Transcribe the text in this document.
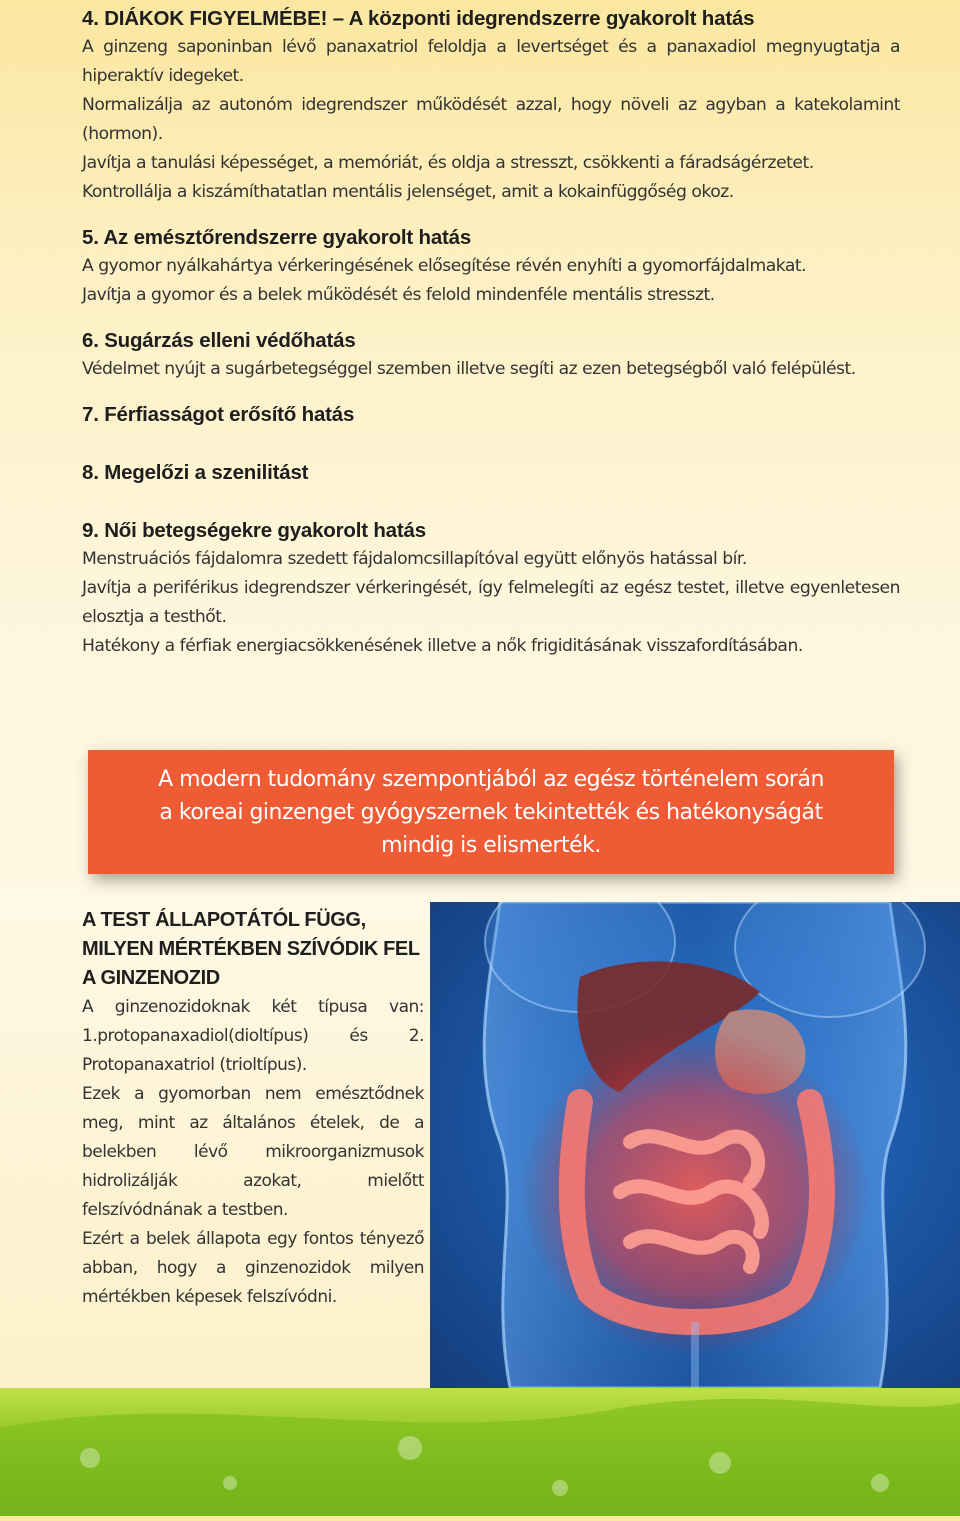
4. DIÁKOK FIGYELMÉBE! – A központi idegrendszerre gyakorolt hatás

A ginzeng saponinban lévő panaxatriol feloldja a levertséget és a panaxadiol megnyugtatja a hiperaktív idegeket.

Normalizálja az autonóm idegrendszer működését azzal, hogy növeli az agyban a katekolamint (hormon).

Javítja a tanulási képességet, a memóriát, és oldja a stresszt, csökkenti a fáradságérzetet.

Kontrollálja a kiszámíthatatlan mentális jelenséget, amit a kokainfüggőség okoz.

5. Az emésztőrendszerre gyakorolt hatás

A gyomor nyálkahártya vérkeringésének elősegítése révén enyhíti a gyomorfájdalmakat.

Javítja a gyomor és a belek működését és felold mindenféle mentális stresszt.

6. Sugárzás elleni védőhatás

Védelmet nyújt a sugárbetegséggel szemben illetve segíti az ezen betegségből való felépülést.

7. Férfiasságot erősítő hatás
8. Megelőzi a szenilitást
9. Női betegségekre gyakorolt hatás

Menstruációs fájdalomra szedett fájdalomcsillapítóval együtt előnyös hatással bír.

Javítja a periférikus idegrendszer vérkeringését, így felmelegíti az egész testet, illetve egyenletesen elosztja a testhőt.

Hatékony a férfiak energiacsökkenésének illetve a nők frigiditásának visszafordításában.

A modern tudomány szempontjából az egész történelem során
a koreai ginzenget gyógyszernek tekintették és hatékonyságát
mindig is elismerték.
A TEST ÁLLAPOTÁTÓL FÜGG, MILYEN MÉRTÉKBEN SZÍVÓDIK FEL A GINZENOZID

A ginzenozidoknak két típusa van: 1.protopanaxadiol(dioltípus) és 2. Protopanaxatriol (trioltípus).

Ezek a gyomorban nem emésztődnek meg, mint az általános ételek, de a belekben lévő mikroorganizmusok hidrolizálják azokat, mielőtt felszívódnának a testben.

Ezért a belek állapota egy fontos tényező abban, hogy a ginzenozidok milyen mértékben képesek felszívódni.
